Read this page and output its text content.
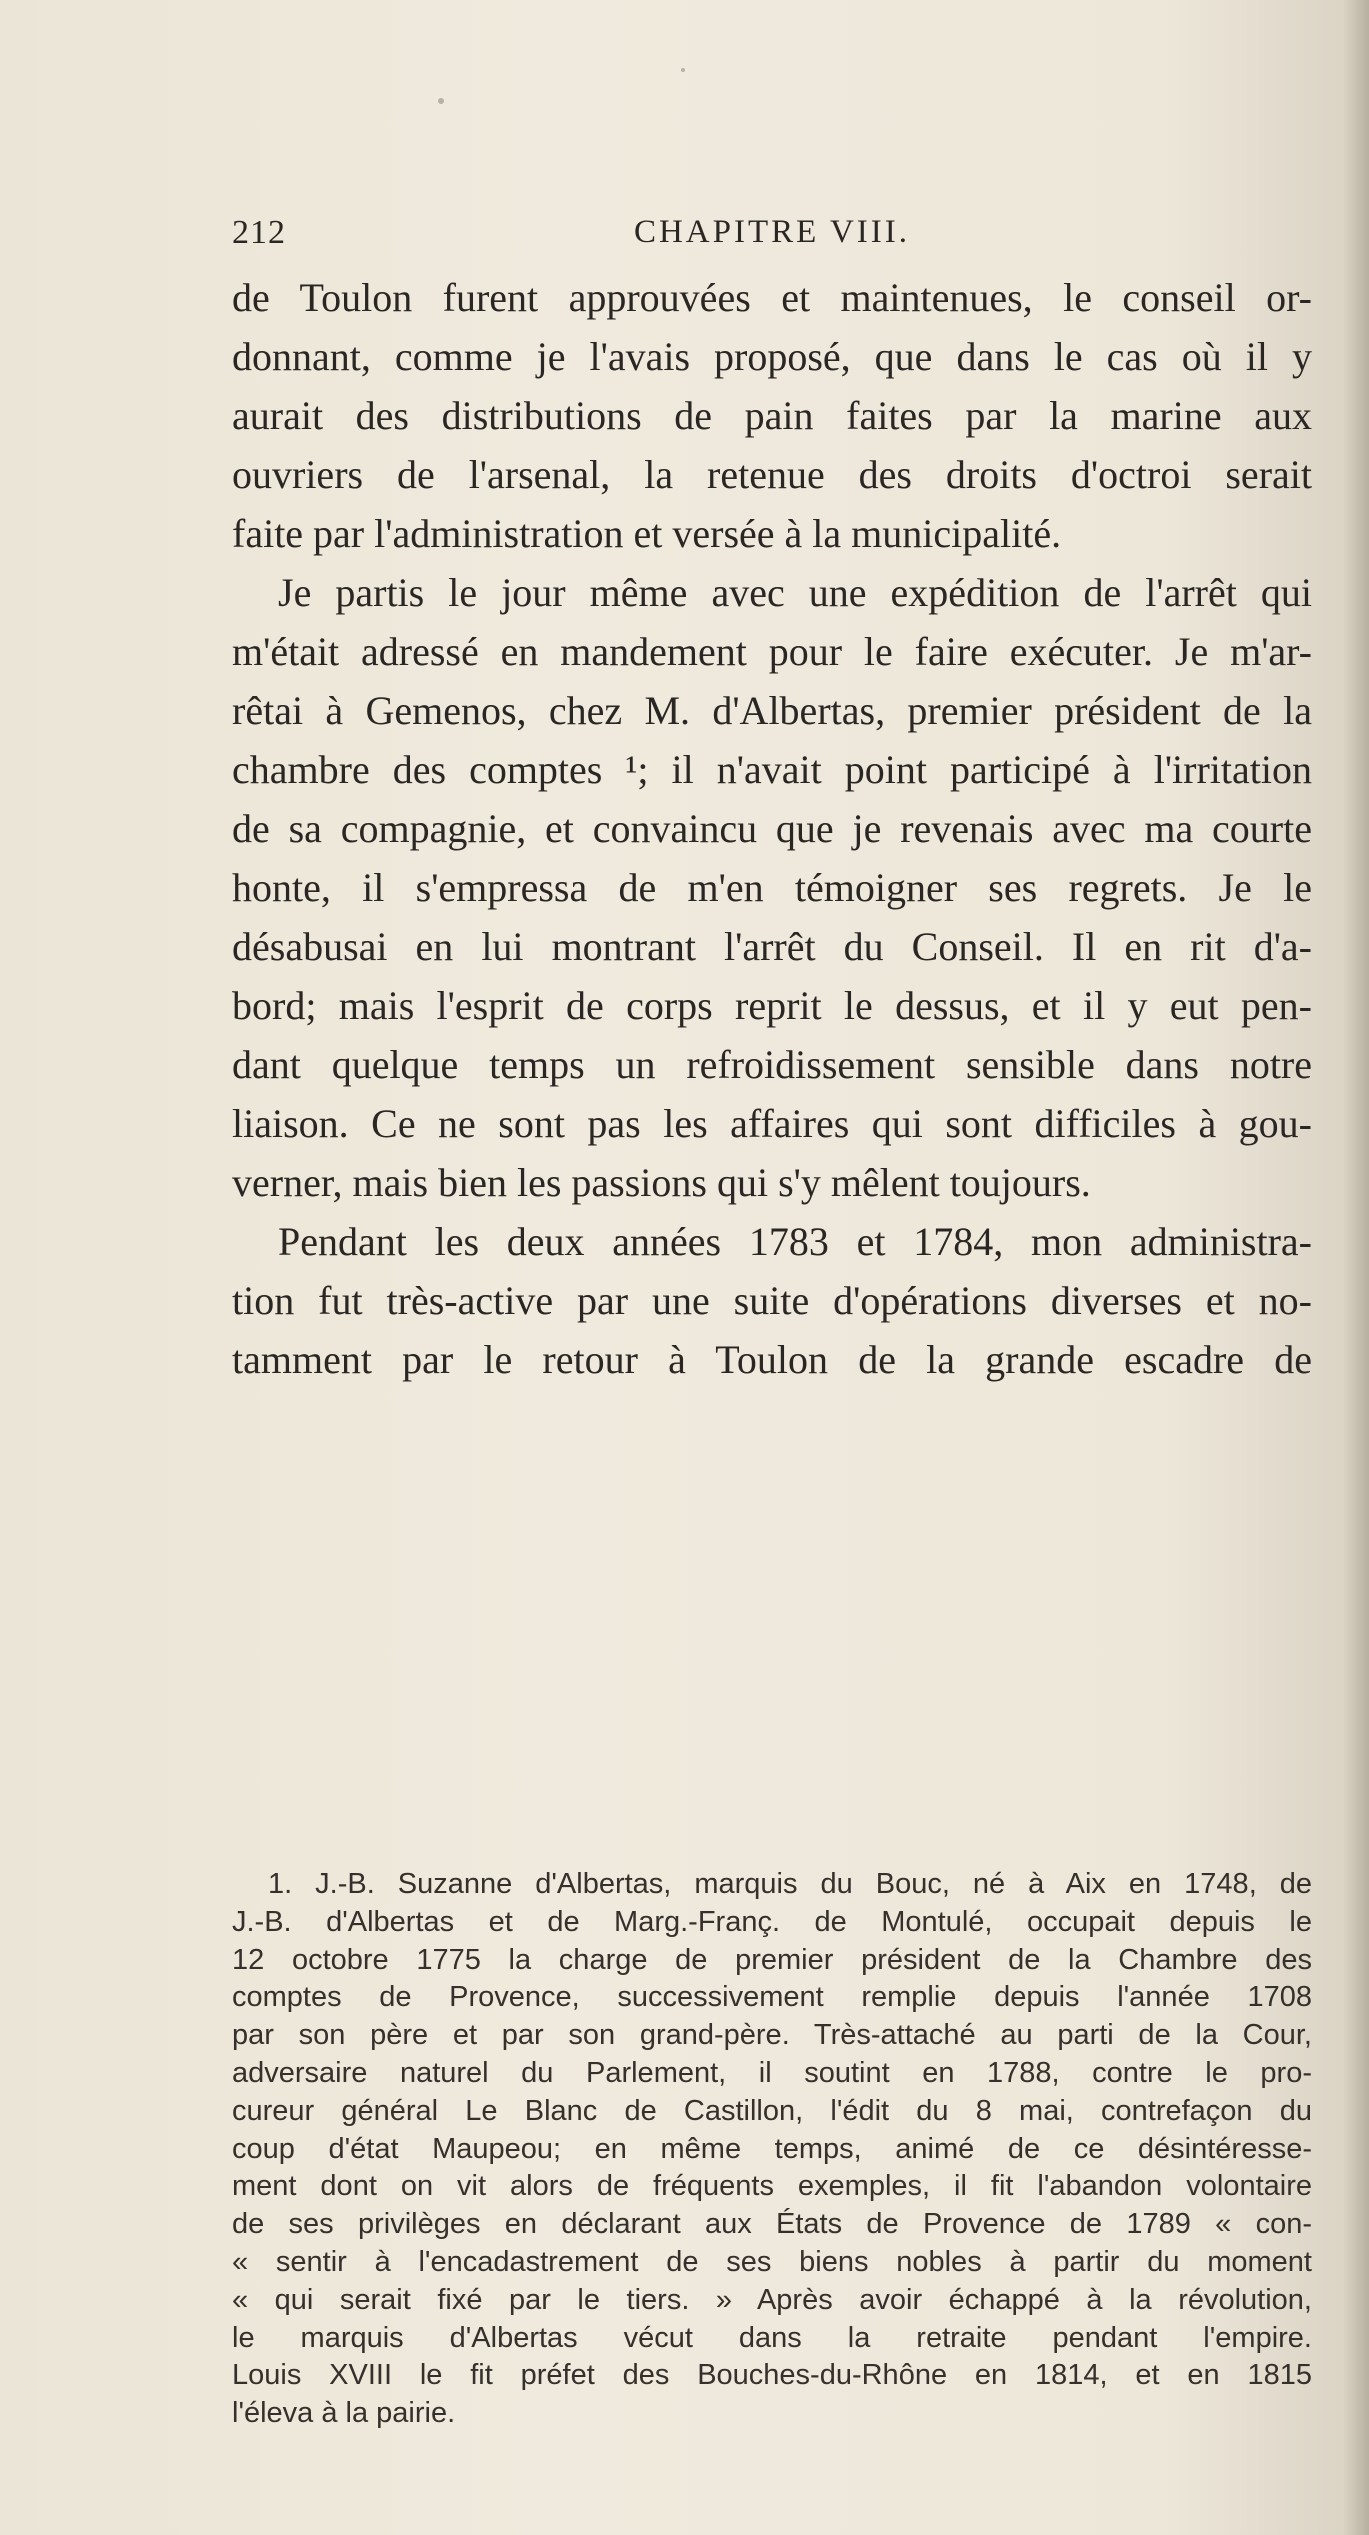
212	CHAPITRE VIII.
de Toulon furent approuvées et maintenues, le conseil or-
donnant, comme je l'avais proposé, que dans le cas où il y
aurait des distributions de pain faites par la marine aux
ouvriers de l'arsenal, la retenue des droits d'octroi serait
faite par l'administration et versée à la municipalité.
Je partis le jour même avec une expédition de l'arrêt qui
m'était adressé en mandement pour le faire exécuter. Je m'ar-
rêtai à Gemenos, chez M. d'Albertas, premier président de la
chambre des comptes ¹; il n'avait point participé à l'irritation
de sa compagnie, et convaincu que je revenais avec ma courte
honte, il s'empressa de m'en témoigner ses regrets. Je le
désabusai en lui montrant l'arrêt du Conseil. Il en rit d'a-
bord; mais l'esprit de corps reprit le dessus, et il y eut pen-
dant quelque temps un refroidissement sensible dans notre
liaison. Ce ne sont pas les affaires qui sont difficiles à gou-
verner, mais bien les passions qui s'y mêlent toujours.
Pendant les deux années 1783 et 1784, mon administra-
tion fut très-active par une suite d'opérations diverses et no-
tamment par le retour à Toulon de la grande escadre de
1. J.-B. Suzanne d'Albertas, marquis du Bouc, né à Aix en 1748, de
J.-B. d'Albertas et de Marg.-Franç. de Montulé, occupait depuis le
12 octobre 1775 la charge de premier président de la Chambre des
comptes de Provence, successivement remplie depuis l'année 1708
par son père et par son grand-père. Très-attaché au parti de la Cour,
adversaire naturel du Parlement, il soutint en 1788, contre le pro-
cureur général Le Blanc de Castillon, l'édit du 8 mai, contrefaçon du
coup d'état Maupeou; en même temps, animé de ce désintéresse-
ment dont on vit alors de fréquents exemples, il fit l'abandon volontaire
de ses privilèges en déclarant aux États de Provence de 1789 « con-
« sentir à l'encadastrement de ses biens nobles à partir du moment
« qui serait fixé par le tiers. » Après avoir échappé à la révolution,
le marquis d'Albertas vécut dans la retraite pendant l'empire.
Louis XVIII le fit préfet des Bouches-du-Rhône en 1814, et en 1815
l'éleva à la pairie.
